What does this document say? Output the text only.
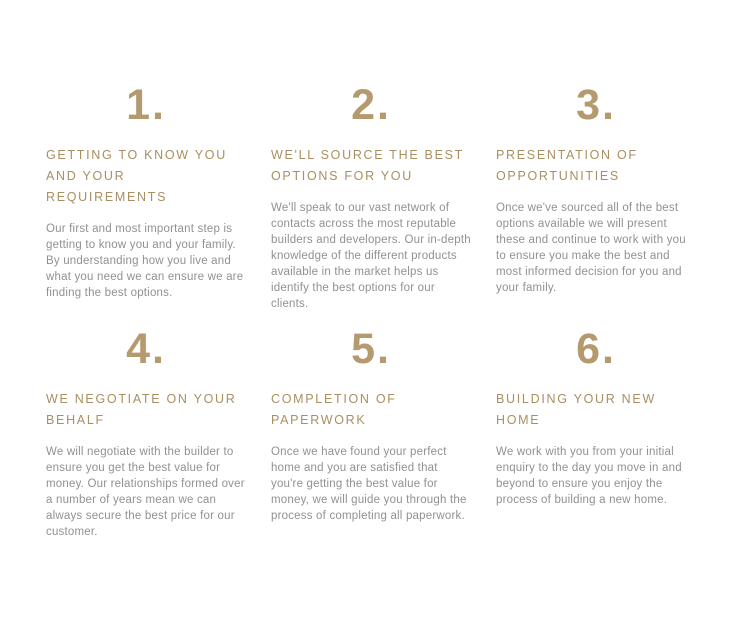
1.
GETTING TO KNOW YOU AND YOUR REQUIREMENTS
Our first and most important step is getting to know you and your family. By understanding how you live and what you need we can ensure we are finding the best options.
2.
WE'LL SOURCE THE BEST OPTIONS FOR YOU
We'll speak to our vast network of contacts across the most reputable builders and developers. Our in-depth knowledge of the different products available in the market helps us identify the best options for our clients.
3.
PRESENTATION OF OPPORTUNITIES
Once we've sourced all of the best options available we will present these and continue to work with you to ensure you make the best and most informed decision for you and your family.
4.
WE NEGOTIATE ON YOUR BEHALF
We will negotiate with the builder to ensure you get the best value for money. Our relationships formed over a number of years mean we can always secure the best price for our customer.
5.
COMPLETION OF PAPERWORK
Once we have found your perfect home and you are satisfied that you're getting the best value for money, we will guide you through the process of completing all paperwork.
6.
BUILDING YOUR NEW HOME
We work with you from your initial enquiry to the day you move in and beyond to ensure you enjoy the process of building a new home.
